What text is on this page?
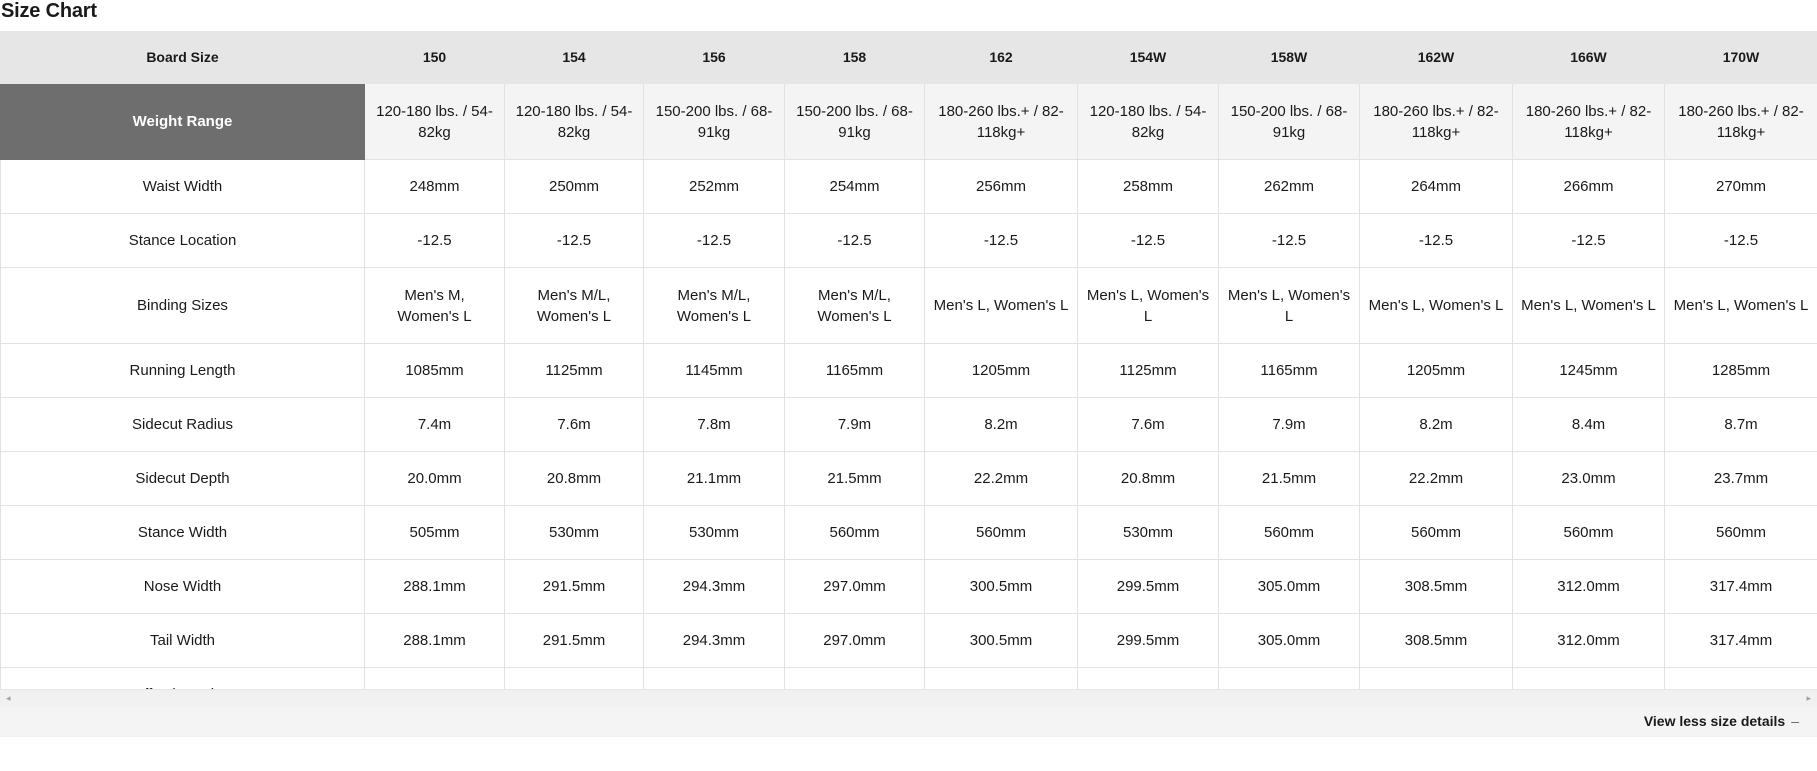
Size Chart
Board Size	150	154	156	158	162	154W	158W	162W	166W	170W
Weight Range	120-180 lbs. / 54-82kg	120-180 lbs. / 54-82kg	150-200 lbs. / 68-91kg	150-200 lbs. / 68-91kg	180-260 lbs.+ / 82-118kg+	120-180 lbs. / 54-82kg	150-200 lbs. / 68-91kg	180-260 lbs.+ / 82-118kg+	180-260 lbs.+ / 82-118kg+	180-260 lbs.+ / 82-118kg+
Waist Width	248mm	250mm	252mm	254mm	256mm	258mm	262mm	264mm	266mm	270mm
Stance Location	-12.5	-12.5	-12.5	-12.5	-12.5	-12.5	-12.5	-12.5	-12.5	-12.5
Binding Sizes	Men's M, Women's L	Men's M/L, Women's L	Men's M/L, Women's L	Men's M/L, Women's L	Men's L, Women's L	Men's L, Women's L	Men's L, Women's L	Men's L, Women's L	Men's L, Women's L	Men's L, Women's L
Running Length	1085mm	1125mm	1145mm	1165mm	1205mm	1125mm	1165mm	1205mm	1245mm	1285mm
Sidecut Radius	7.4m	7.6m	7.8m	7.9m	8.2m	7.6m	7.9m	8.2m	8.4m	8.7m
Sidecut Depth	20.0mm	20.8mm	21.1mm	21.5mm	22.2mm	20.8mm	21.5mm	22.2mm	23.0mm	23.7mm
Stance Width	505mm	530mm	530mm	560mm	560mm	530mm	560mm	560mm	560mm	560mm
Nose Width	288.1mm	291.5mm	294.3mm	297.0mm	300.5mm	299.5mm	305.0mm	308.5mm	312.0mm	317.4mm
Tail Width	288.1mm	291.5mm	294.3mm	297.0mm	300.5mm	299.5mm	305.0mm	308.5mm	312.0mm	317.4mm

◂	▸
View less size details –
